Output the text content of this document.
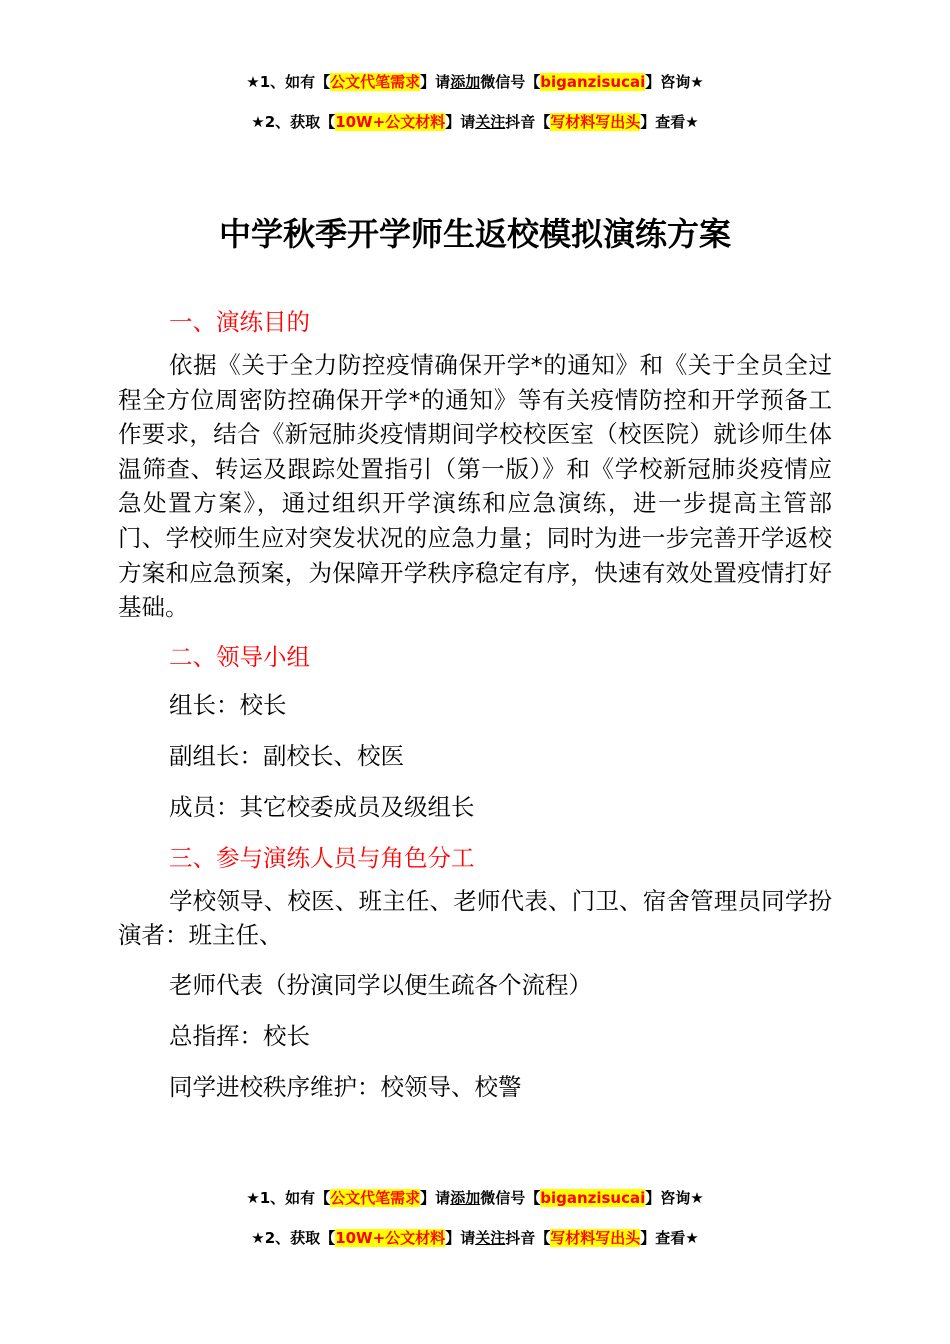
★1、如有【公文代笔需求】请添加微信号【biganzisucai】咨询★
★2、获取【10W+公文材料】请关注抖音【写材料写出头】查看★
中学秋季开学师生返校模拟演练方案

一、演练目的

依据《关于全力防控疫情确保开学*的通知》和《关于全员全过程全方位周密防控确保开学*的通知》等有关疫情防控和开学预备工作要求，结合《新冠肺炎疫情期间学校校医室（校医院）就诊师生体温筛查、转运及跟踪处置指引（第一版）》和《学校新冠肺炎疫情应急处置方案》，通过组织开学演练和应急演练，进一步提高主管部门、学校师生应对突发状况的应急力量；同时为进一步完善开学返校方案和应急预案，为保障开学秩序稳定有序，快速有效处置疫情打好基础。

二、领导小组

组长：校长

副组长：副校长、校医

成员：其它校委成员及级组长

三、参与演练人员与角色分工

学校领导、校医、班主任、老师代表、门卫、宿舍管理员同学扮演者：班主任、

老师代表（扮演同学以便生疏各个流程）

总指挥：校长

同学进校秩序维护：校领导、校警

★1、如有【公文代笔需求】请添加微信号【biganzisucai】咨询★
★2、获取【10W+公文材料】请关注抖音【写材料写出头】查看★
